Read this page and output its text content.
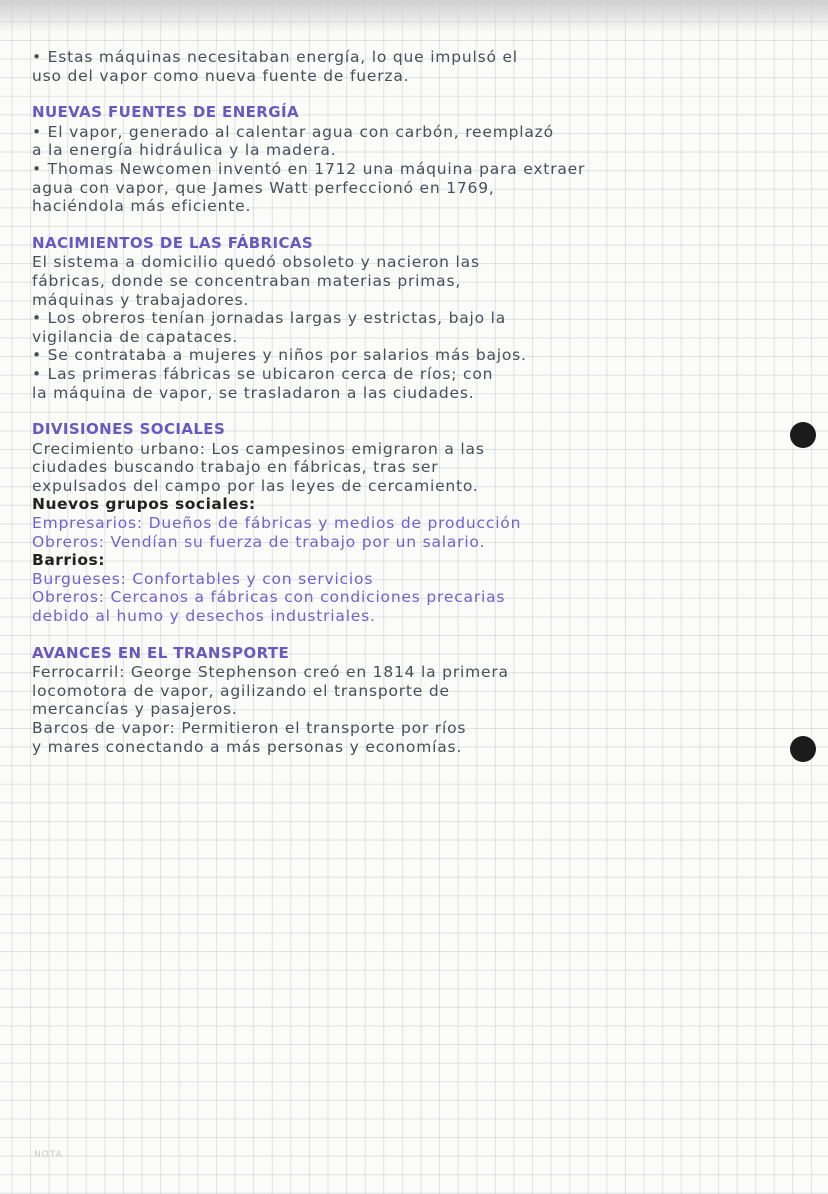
• Estas máquinas necesitaban energía, lo que impulsó el
uso del vapor como nueva fuente de fuerza.
NUEVAS FUENTES DE ENERGÍA
• El vapor, generado al calentar agua con carbón, reemplazó
a la energía hidráulica y la madera.
• Thomas Newcomen inventó en 1712 una máquina para extraer
agua con vapor, que James Watt perfeccionó en 1769,
haciéndola más eficiente.
NACIMIENTOS DE LAS FÁBRICAS
El sistema a domicilio quedó obsoleto y nacieron las
fábricas, donde se concentraban materias primas,
máquinas y trabajadores.
• Los obreros tenían jornadas largas y estrictas, bajo la
vigilancia de capataces.
• Se contrataba a mujeres y niños por salarios más bajos.
• Las primeras fábricas se ubicaron cerca de ríos; con
la máquina de vapor, se trasladaron a las ciudades.
DIVISIONES SOCIALES
Crecimiento urbano: Los campesinos emigraron a las
ciudades buscando trabajo en fábricas, tras ser
expulsados del campo por las leyes de cercamiento.
Nuevos grupos sociales:
Empresarios: Dueños de fábricas y medios de producción
Obreros: Vendían su fuerza de trabajo por un salario.
Barrios:
Burgueses: Confortables y con servicios
Obreros: Cercanos a fábricas con condiciones precarias
debido al humo y desechos industriales.
AVANCES EN EL TRANSPORTE
Ferrocarril: George Stephenson creó en 1814 la primera
locomotora de vapor, agilizando el transporte de
mercancías y pasajeros.
Barcos de vapor: Permitieron el transporte por ríos
y mares conectando a más personas y economías.
NOTA
